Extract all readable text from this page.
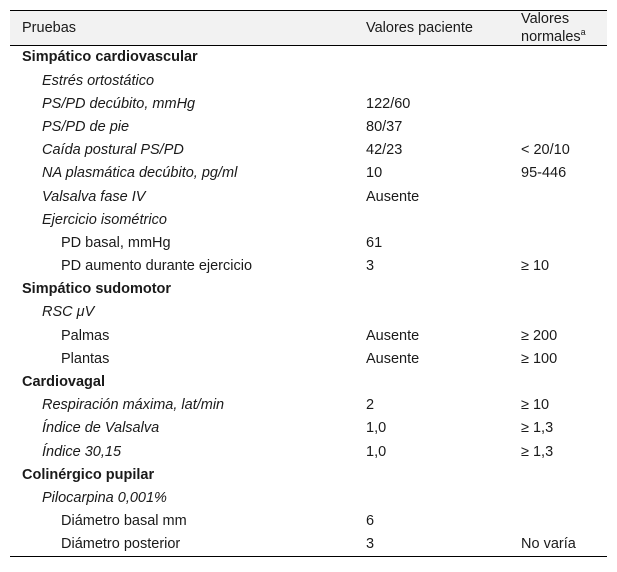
Pruebas	Valores paciente	Valores normales$^a$
Simpático cardiovascular		
Estrés ortostático		
PS/PD decúbito, mmHg	122/60	
PS/PD de pie	80/37	
Caída postural PS/PD	42/23	˂ 20/10
NA plasmática decúbito, pg/ml	10	95-446
Valsalva fase IV	Ausente	
Ejercicio isométrico		
PD basal, mmHg	61	
PD aumento durante ejercicio	3	≥ 10
Simpático sudomotor		
RSC μV		
Palmas	Ausente	≥ 200
Plantas	Ausente	≥ 100
Cardiovagal		
Respiración máxima, lat/min	2	≥ 10
Índice de Valsalva	1,0	≥ 1,3
Índice 30,15	1,0	≥ 1,3
Colinérgico pupilar		
Pilocarpina 0,001%		
Diámetro basal mm	6	
Diámetro posterior	3	No varía
